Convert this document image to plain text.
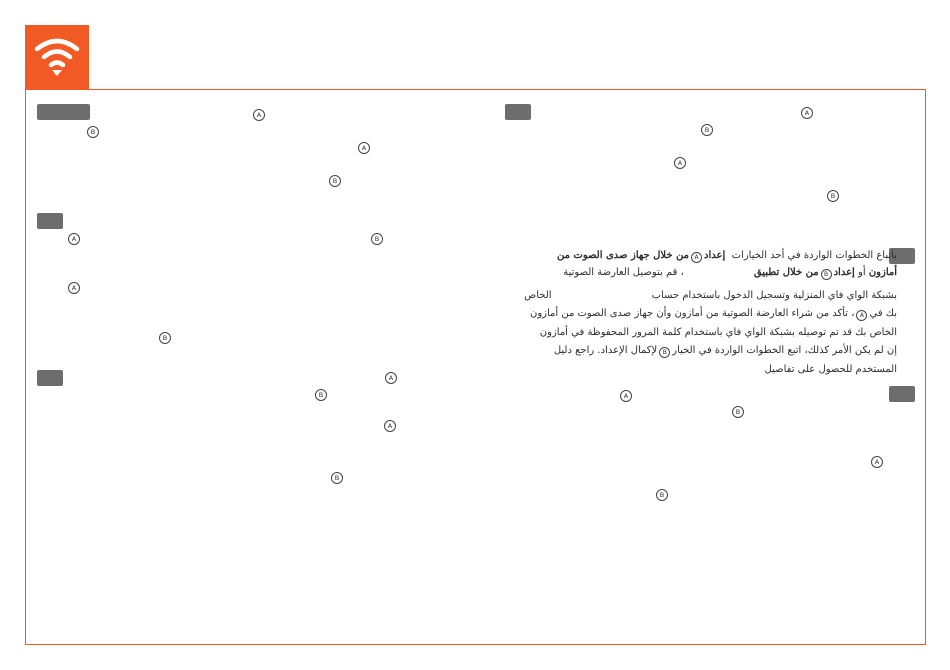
A
B
A
B
A	B
A
B
A
B
A
B
A
B
A
B
A
B
A
B
باتباع الخطوات الواردة في أحد الخيارات  إعدادAمن خلال جهاز صدى الصوت من
أمازون أو إعدادBمن خلال تطبيق، قم بتوصيل العارضة الصوتية
بشبكة الواي فاي المنزلية وتسجيل الدخول باستخدام حسابالخاص
بك فيA، تأكد من شراء العارضة الصوتية من أمازون وأن جهاز صدى الصوت من أمازون
الخاص بك قد تم توصيله بشبكة الواي فاي باستخدام كلمة المرور المحفوظة في أمازون
إن لم يكن الأمر كذلك، اتبع الخطوات الواردة في الخيارBلإكمال الإعداد. راجع دليل
المستخدم للحصول على تفاصيل
